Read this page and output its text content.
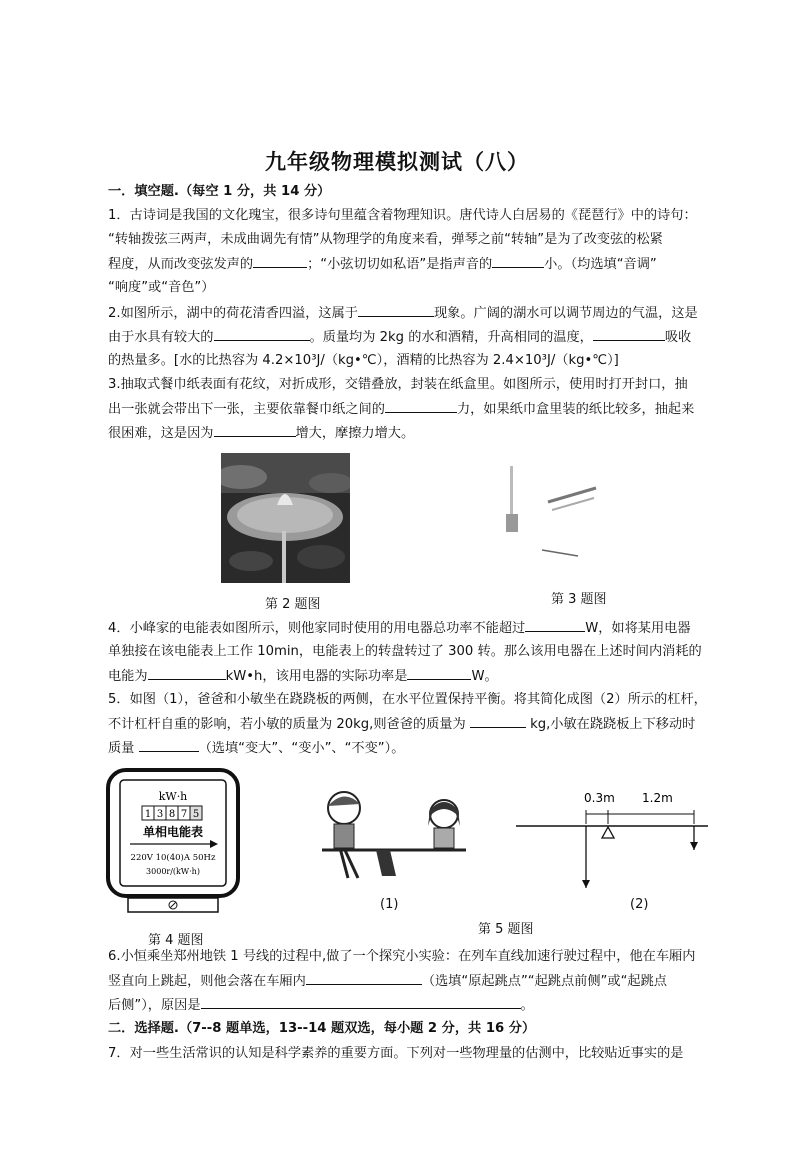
九年级物理模拟测试（八）
一．填空题.（每空 1 分，共 14 分）
1．古诗词是我国的文化瑰宝，很多诗句里蕴含着物理知识。唐代诗人白居易的《琵琶行》中的诗句：
“转轴拨弦三两声，未成曲调先有情”从物理学的角度来看，弹琴之前“转轴”是为了改变弦的松紧
程度，从而改变弦发声的	；“小弦切切如私语”是指声音的	小。（均选填“音调”
“响度”或“音色”）
2.如图所示，湖中的荷花清香四溢，这属于	现象。广阔的湖水可以调节周边的气温，这是
由于水具有较大的	。质量均为 2kg 的水和酒精，升高相同的温度，	吸收
的热量多。[水的比热容为 4.2×10³J/（kg•℃），酒精的比热容为 2.4×10³J/（kg•℃）]
3.抽取式餐巾纸表面有花纹，对折成形，交错叠放，封装在纸盒里。如图所示，使用时打开封口，抽
出一张就会带出下一张，主要依靠餐巾纸之间的	力，如果纸巾盒里装的纸比较多，抽起来
很困难，这是因为	增大，摩擦力增大。
第 2 题图	第 3 题图
4．小峰家的电能表如图所示，则他家同时使用的用电器总功率不能超过	W，如将某用电器
单独接在该电能表上工作 10min，电能表上的转盘转过了 300 转。那么该用电器在上述时间内消耗的
电能为	kW•h，该用电器的实际功率是	W。
5．如图（1），爸爸和小敏坐在跷跷板的两侧，在水平位置保持平衡。将其简化成图（2）所示的杠杆，
不计杠杆自重的影响，若小敏的质量为 20kg,则爸爸的质量为	kg,小敏在跷跷板上下移动时
质量	（选填“变大”、“变小”、“不变”）。
kW·h
1 3 8 7 5
单相电能表
220V 10(40)A 50Hz
3000r/(kW·h)
第 4 题图
(1)
0.3m 1.2m
(2)
第 5 题图
6.小恒乘坐郑州地铁 1 号线的过程中,做了一个探究小实验：在列车直线加速行驶过程中，他在车厢内
竖直向上跳起，则他会落在车厢内	（选填“原起跳点”“起跳点前侧”或“起跳点
后侧”），原因是	。
二．选择题.（7--8 题单选，13--14 题双选，每小题 2 分，共 16 分）
7．对一些生活常识的认知是科学素养的重要方面。下列对一些物理量的估测中，比较贴近事实的是
